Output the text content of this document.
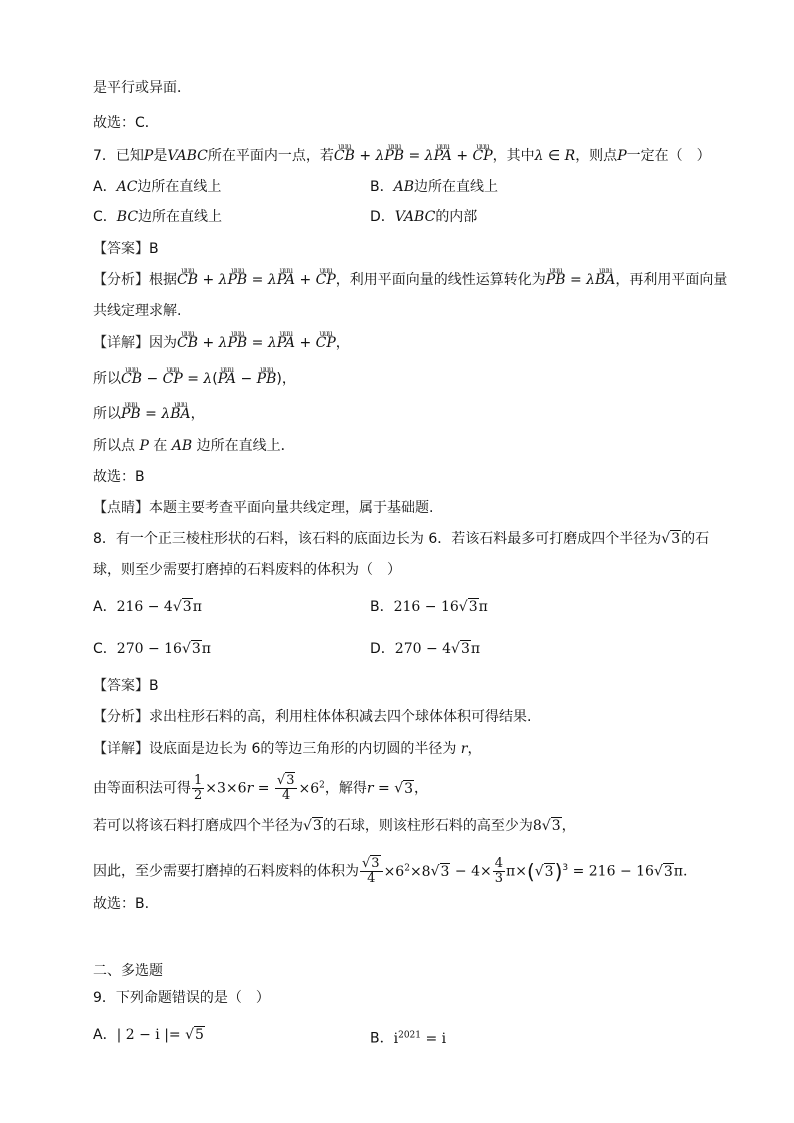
是平行或异面．
故选：C．
7．已知P是VABC所在平面内一点，若uuu CB + λuuu PB = λuuu PA + uuu CP，其中λ ∈ R，则点P一定在（　）
A．AC边所在直线上	B．AB边所在直线上
C．BC边所在直线上	D．VABC的内部
【答案】B
【分析】根据uuu CB + λuuu PB = λuuu PA + uuu CP，利用平面向量的线性运算转化为uuu PB = λuuu BA，再利用平面向量
共线定理求解.
【详解】因为uuu CB + λuuu PB = λuuu PA + uuu CP，
所以uuu CB − uuu CP = λ(uuu PA − uuu PB)，
所以uuu PB = λuuu BA，
所以点 P 在 AB 边所在直线上．
故选：B
【点睛】本题主要考查平面向量共线定理，属于基础题.
8．有一个正三棱柱形状的石料，该石料的底面边长为 6．若该石料最多可打磨成四个半径为√3的石
球，则至少需要打磨掉的石料废料的体积为（　）
A．216 − 4√3π	B．216 − 16√3π
C．270 − 16√3π	D．270 − 4√3π
【答案】B
【分析】求出柱形石料的高，利用柱体体积减去四个球体体积可得结果.
【详解】设底面是边长为 6的等边三角形的内切圆的半径为 r，
由等面积法可得 $\frac{1}{2} \times 3\times 6r = \frac{√3}{4} \times 6^2$，解得r = √3，
若可以将该石料打磨成四个半径为√3的石球，则该柱形石料的高至少为8√3，
因此，至少需要打磨掉的石料废料的体积为 $\frac{√3}{4} \times 6^2\times 8√3 - 4\times \frac{4}{3} \pi\times(√3)^3 = 216 - 16√3\pi$.
故选：B.
二、多选题
9．下列命题错误的是（　）
A．| 2 − i |= √5	B．$i^{2021} = i$
